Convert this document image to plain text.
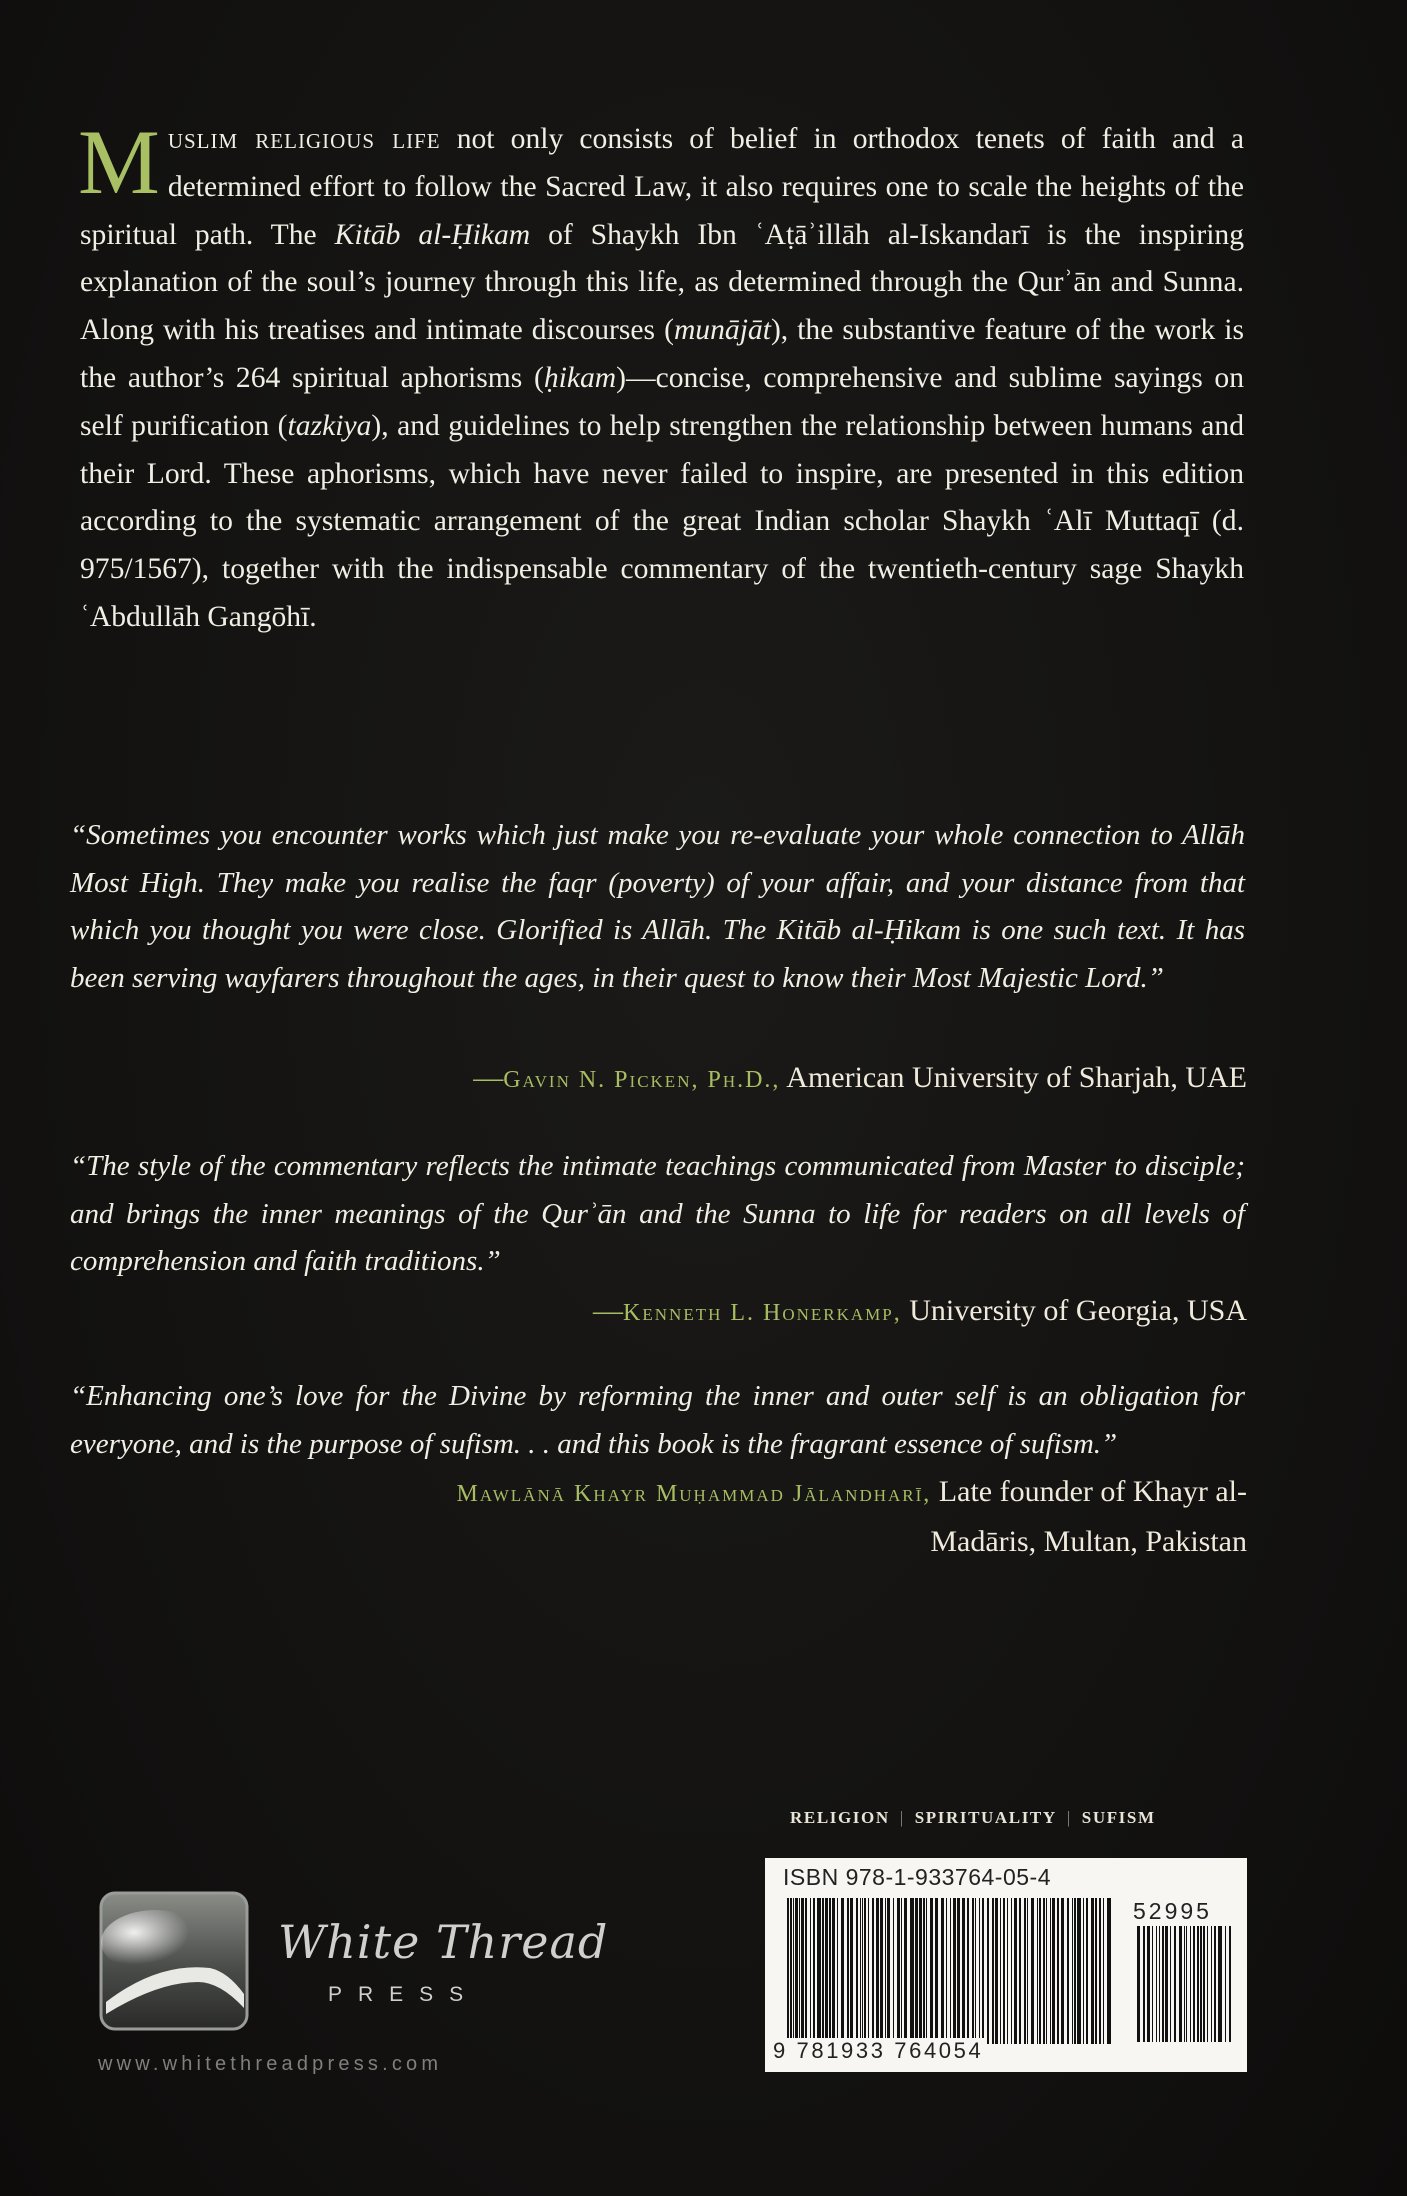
Muslim religious life not only consists of belief in orthodox tenets of faith and a determined effort to follow the Sacred Law, it also requires one to scale the heights of the spiritual path. The Kitāb al-Ḥikam of Shaykh Ibn ʿAṭāʾillāh al-Iskandarī is the inspiring explanation of the soul’s journey through this life, as determined through the Qurʾān and Sunna. Along with his treatises and intimate discourses (munājāt), the substantive feature of the work is the author’s 264 spiritual aphorisms (ḥikam)—concise, comprehensive and sublime sayings on self purification (tazkiya), and guidelines to help strengthen the relationship between humans and their Lord. These aphorisms, which have never failed to inspire, are presented in this edition according to the systematic arrangement of the great Indian scholar Shaykh ʿAlī Muttaqī (d. 975/1567), together with the indispensable commentary of the twentieth-century sage Shaykh ʿAbdullāh Gangōhī.
“Sometimes you encounter works which just make you re-evaluate your whole connection to Allāh Most High. They make you realise the faqr (poverty) of your affair, and your distance from that which you thought you were close. Glorified is Allāh. The Kitāb al-Ḥikam is one such text. It has been serving wayfarers throughout the ages, in their quest to know their Most Majestic Lord.”
—Gavin N. Picken, Ph.D., American University of Sharjah, UAE
“The style of the commentary reflects the intimate teachings communicated from Master to disciple; and brings the inner meanings of the Qurʾān and the Sunna to life for readers on all levels of comprehension and faith traditions.”
—Kenneth L. Honerkamp, University of Georgia, USA
“Enhancing one’s love for the Divine by reforming the inner and outer self is an obligation for everyone, and is the purpose of sufism. . . and this book is the fragrant essence of sufism.”
Mawlānā Khayr Muḥammad Jālandharī, Late founder of Khayr al-Madāris, Multan, Pakistan
RELIGION | SPIRITUALITY | SUFISM
ISBN 978-1-933764-05-4
52995
9 781933 764054
White Thread
PRESS
www.whitethreadpress.com
